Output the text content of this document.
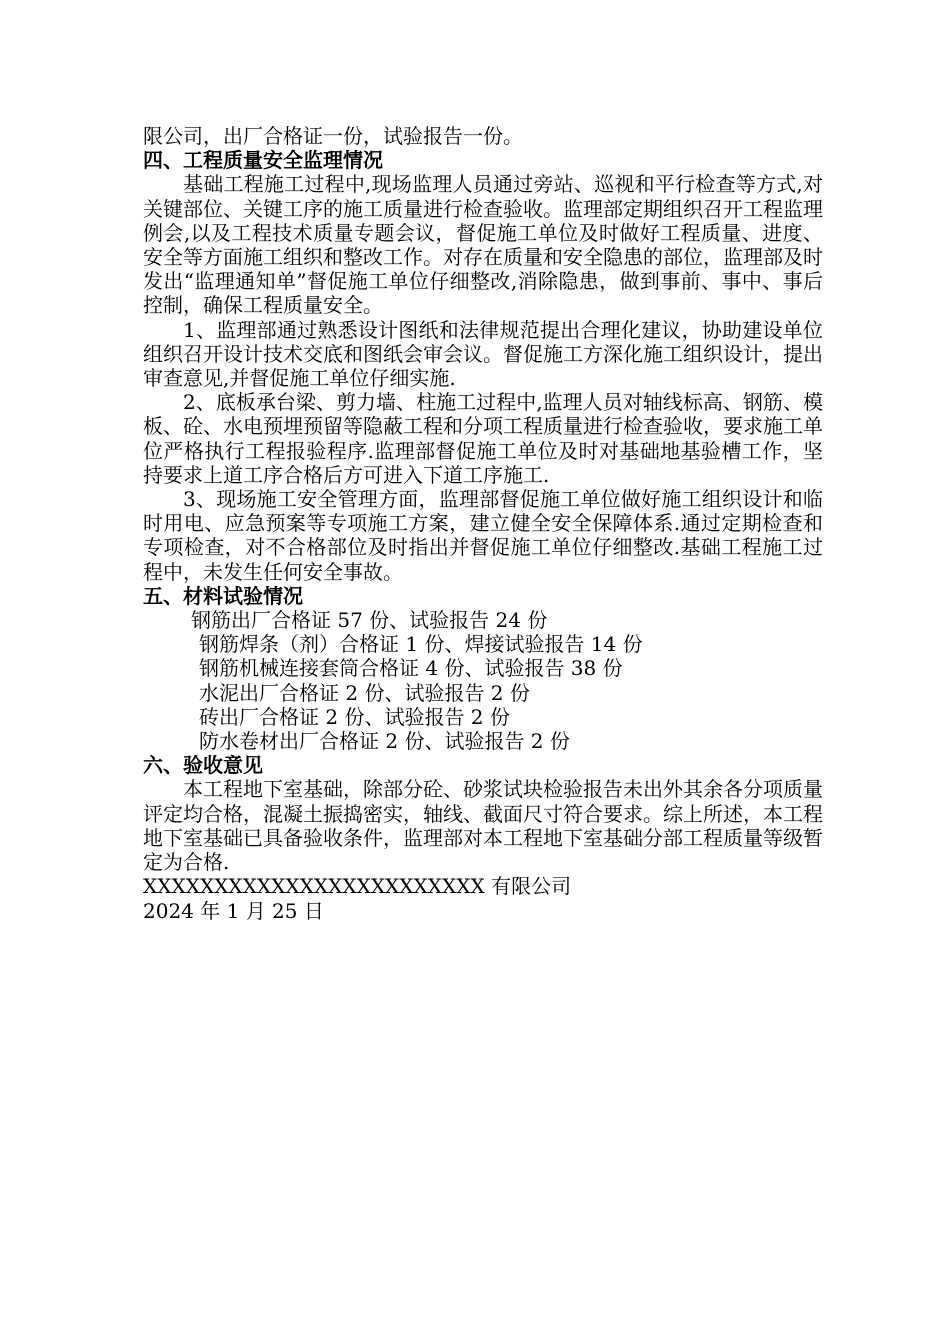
限公司，出厂合格证一份，试验报告一份。

四、工程质量安全监理情况

基础工程施工过程中,现场监理人员通过旁站、巡视和平行检查等方式,对关键部位、关键工序的施工质量进行检查验收。监理部定期组织召开工程监理例会,以及工程技术质量专题会议，督促施工单位及时做好工程质量、进度、安全等方面施工组织和整改工作。对存在质量和安全隐患的部位，监理部及时发出“监理通知单”督促施工单位仔细整改,消除隐患，做到事前、事中、事后控制，确保工程质量安全。

1、监理部通过熟悉设计图纸和法律规范提出合理化建议，协助建设单位组织召开设计技术交底和图纸会审会议。督促施工方深化施工组织设计，提出审查意见,并督促施工单位仔细实施.

2、底板承台梁、剪力墙、柱施工过程中,监理人员对轴线标高、钢筋、模板、砼、水电预埋预留等隐蔽工程和分项工程质量进行检查验收，要求施工单位严格执行工程报验程序.监理部督促施工单位及时对基础地基验槽工作，坚持要求上道工序合格后方可进入下道工序施工.

3、现场施工安全管理方面，监理部督促施工单位做好施工组织设计和临时用电、应急预案等专项施工方案，建立健全安全保障体系.通过定期检查和专项检查，对不合格部位及时指出并督促施工单位仔细整改.基础工程施工过程中，未发生任何安全事故。

五、材料试验情况
钢筋出厂合格证 57 份、试验报告 24 份
钢筋焊条（剂）合格证 1 份、焊接试验报告 14 份
钢筋机械连接套筒合格证 4 份、试验报告 38 份
水泥出厂合格证 2 份、试验报告 2 份
砖出厂合格证 2 份、试验报告 2 份
防水卷材出厂合格证 2 份、试验报告 2 份
六、验收意见

本工程地下室基础，除部分砼、砂浆试块检验报告未出外其余各分项质量评定均合格，混凝土振捣密实，轴线、截面尺寸符合要求。综上所述，本工程地下室基础已具备验收条件，监理部对本工程地下室基础分部工程质量等级暂定为合格.

XXXXXXXXXXXXXXXXXXXXXXXX 有限公司

2024 年 1 月 25 日
